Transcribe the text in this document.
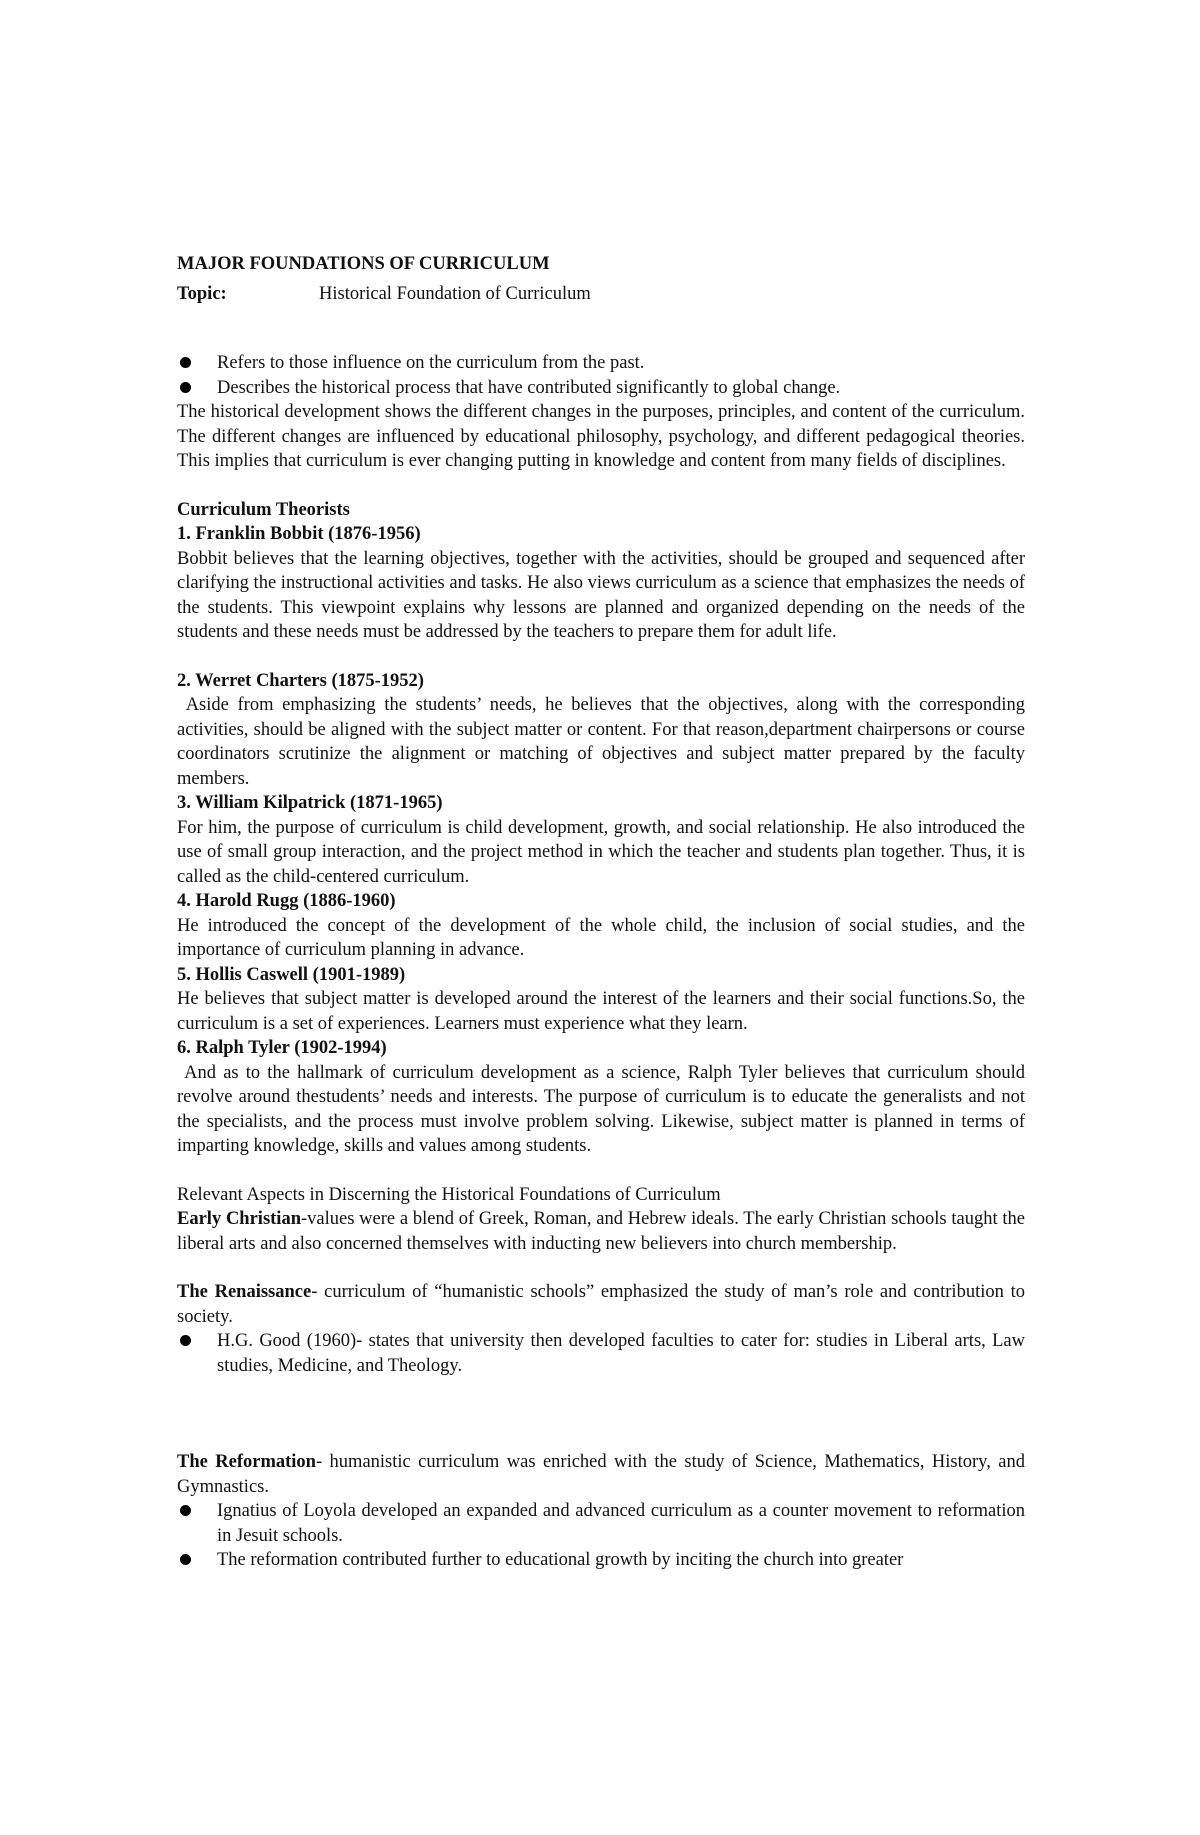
MAJOR FOUNDATIONS OF CURRICULUM

Topic:	Historical Foundation of Curriculum
Refers to those influence on the curriculum from the past.
Describes the historical process that have contributed significantly to global change.

The historical development shows the different changes in the purposes, principles, and content of the curriculum. The different changes are influenced by educational philosophy, psychology, and different pedagogical theories. This implies that curriculum is ever changing putting in knowledge and content from many fields of disciplines.

Curriculum Theorists

1. Franklin Bobbit (1876-1956)

Bobbit believes that the learning objectives, together with the activities, should be grouped and sequenced after clarifying the instructional activities and tasks. He also views curriculum as a science that emphasizes the needs of the students. This viewpoint explains why lessons are planned and organized depending on the needs of the students and these needs must be addressed by the teachers to prepare them for adult life.

2. Werret Charters (1875-1952)

Aside from emphasizing the students’ needs, he believes that the objectives, along with the corresponding activities, should be aligned with the subject matter or content. For that reason,department chairpersons or course coordinators scrutinize the alignment or matching of objectives and subject matter prepared by the faculty members.

3. William Kilpatrick (1871-1965)

For him, the purpose of curriculum is child development, growth, and social relationship. He also introduced the use of small group interaction, and the project method in which the teacher and students plan together. Thus, it is called as the child-centered curriculum.

4. Harold Rugg (1886-1960)

He introduced the concept of the development of the whole child, the inclusion of social studies, and the importance of curriculum planning in advance.

5. Hollis Caswell (1901-1989)

He believes that subject matter is developed around the interest of the learners and their social functions.So, the curriculum is a set of experiences. Learners must experience what they learn.

6. Ralph Tyler (1902-1994)

And as to the hallmark of curriculum development as a science, Ralph Tyler believes that curriculum should revolve around thestudents’ needs and interests. The purpose of curriculum is to educate the generalists and not the specialists, and the process must involve problem solving. Likewise, subject matter is planned in terms of imparting knowledge, skills and values among students.

Relevant Aspects in Discerning the Historical Foundations of Curriculum

Early Christian-values were a blend of Greek, Roman, and Hebrew ideals. The early Christian schools taught the liberal arts and also concerned themselves with inducting new believers into church membership.

The Renaissance- curriculum of “humanistic schools” emphasized the study of man’s role and contribution to society.

H.G. Good (1960)- states that university then developed faculties to cater for: studies in Liberal arts, Law studies, Medicine, and Theology.

The Reformation- humanistic curriculum was enriched with the study of Science, Mathematics, History, and Gymnastics.

Ignatius of Loyola developed an expanded and advanced curriculum as a counter movement to reformation in Jesuit schools.
The reformation contributed further to educational growth by inciting the church into greater
